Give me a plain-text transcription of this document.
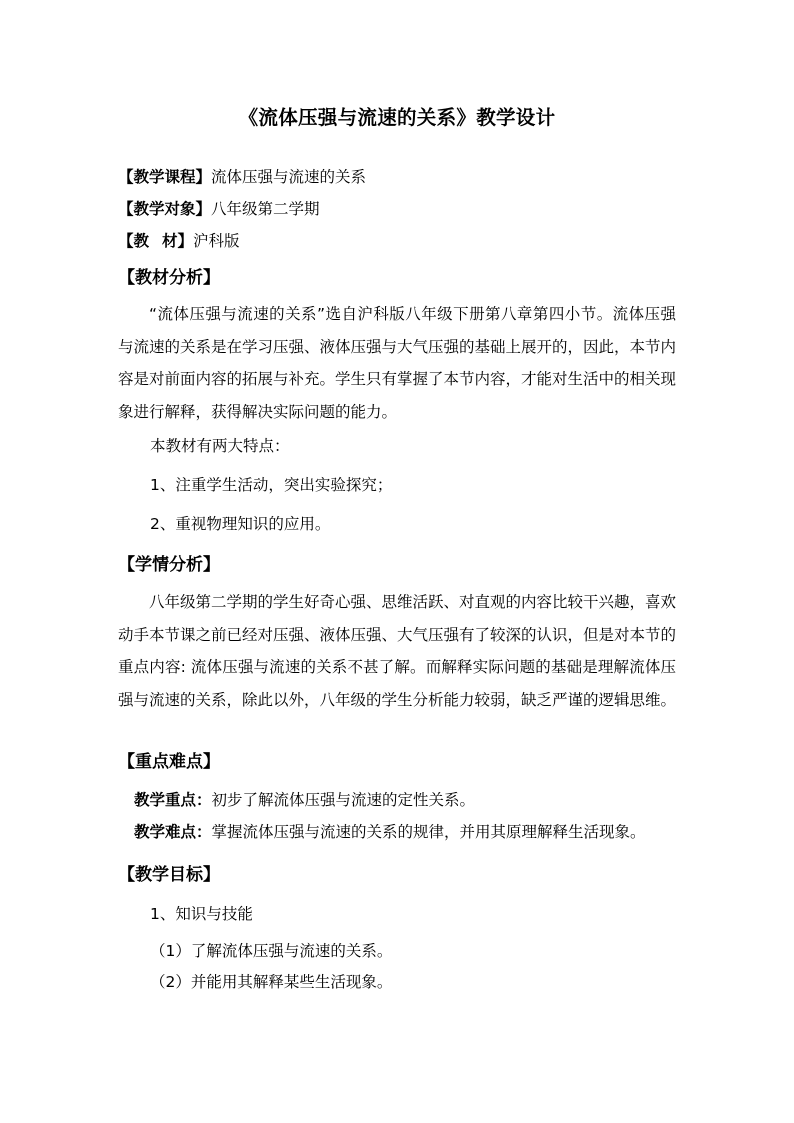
《流体压强与流速的关系》教学设计
【教学课程】流体压强与流速的关系
【教学对象】八年级第二学期
【教 材】沪科版
【教材分析】

“流体压强与流速的关系”选自沪科版八年级下册第八章第四小节。流体压强与流速的关系是在学习压强、液体压强与大气压强的基础上展开的，因此，本节内容是对前面内容的拓展与补充。学生只有掌握了本节内容，才能对生活中的相关现象进行解释，获得解决实际问题的能力。

本教材有两大特点：
1、注重学生活动，突出实验探究；
2、重视物理知识的应用。
【学情分析】

八年级第二学期的学生好奇心强、思维活跃、对直观的内容比较干兴趣，喜欢动手本节课之前已经对压强、液体压强、大气压强有了较深的认识，但是对本节的重点内容: 流体压强与流速的关系不甚了解。而解释实际问题的基础是理解流体压强与流速的关系，除此以外，八年级的学生分析能力较弱，缺乏严谨的逻辑思维。

【重点难点】
教学重点：初步了解流体压强与流速的定性关系。
教学难点：掌握流体压强与流速的关系的规律，并用其原理解释生活现象。
【教学目标】
1、知识与技能
（1）了解流体压强与流速的关系。
（2）并能用其解释某些生活现象。
